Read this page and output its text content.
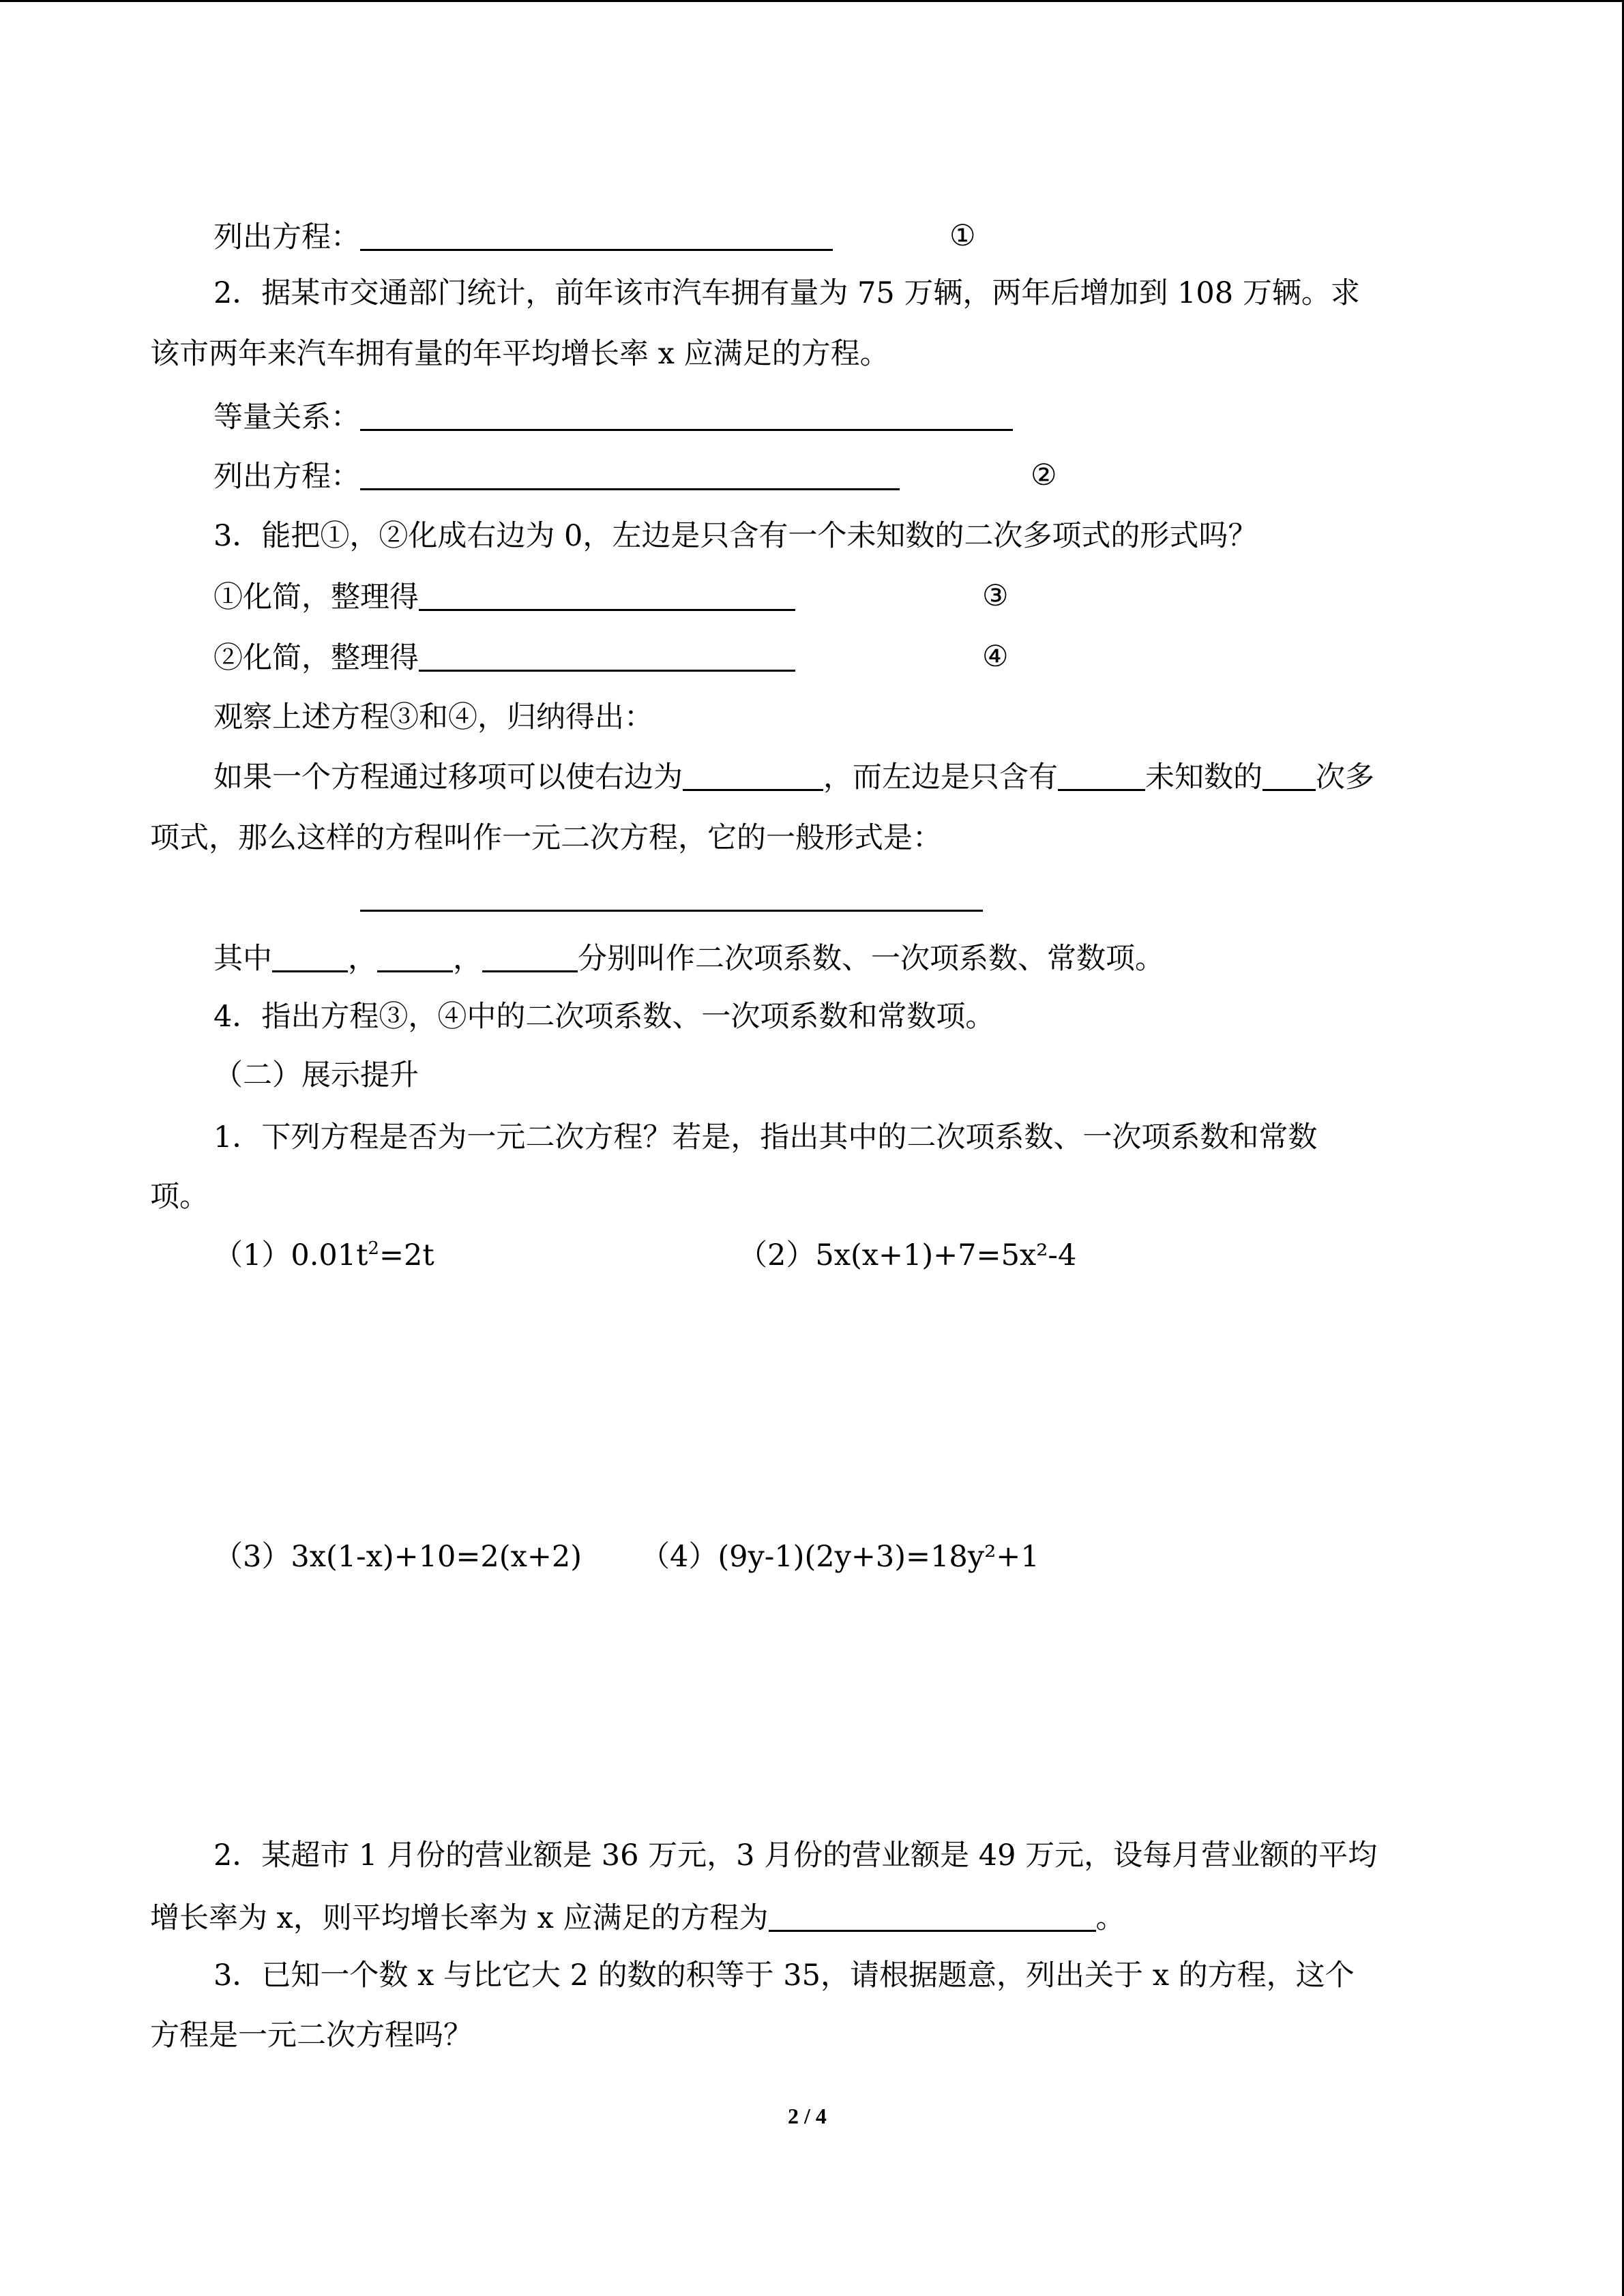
列出方程：	①
2．据某市交通部门统计，前年该市汽车拥有量为 75 万辆，两年后增加到 108 万辆。求
该市两年来汽车拥有量的年平均增长率 x 应满足的方程。
等量关系：
列出方程：	②
3．能把①，②化成右边为 0，左边是只含有一个未知数的二次多项式的形式吗？
①化简，整理得	③
②化简，整理得	④
观察上述方程③和④，归纳得出：
如果一个方程通过移项可以使右边为	，而左边是只含有	未知数的 次多
项式，那么这样的方程叫作一元二次方程，它的一般形式是：
其中	，	，	分别叫作二次项系数、一次项系数、常数项。
4．指出方程③，④中的二次项系数、一次项系数和常数项。
（二）展示提升
1．下列方程是否为一元二次方程？若是，指出其中的二次项系数、一次项系数和常数
项。
$(1)0.01t^2=2t$	（2）5x(x+1)+7=5x²-4
（3）3x(1-x)+10=2(x+2) （4）(9y-1)(2y+3)=18y²+1
2．某超市 1 月份的营业额是 36 万元，3 月份的营业额是 49 万元，设每月营业额的平均
增长率为 x，则平均增长率为 x 应满足的方程为	。
3．已知一个数 x 与比它大 2 的数的积等于 35，请根据题意，列出关于 x 的方程，这个
方程是一元二次方程吗？
2 / 4
